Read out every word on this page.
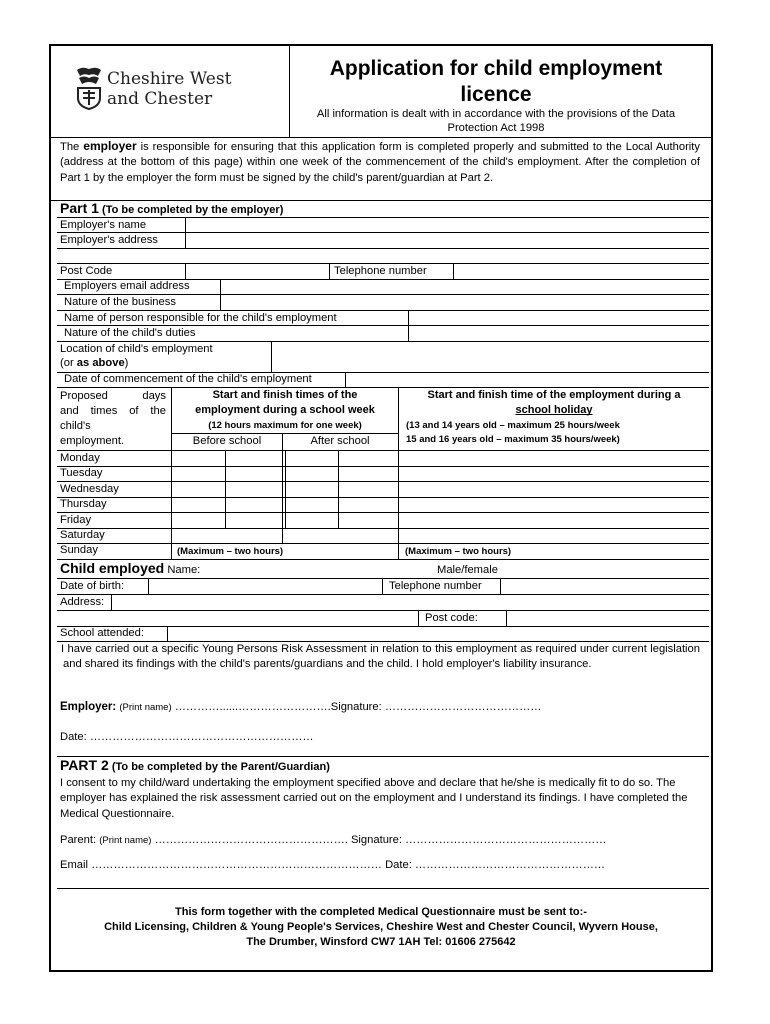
Cheshire West
and Chester
Application for child employment
licence
All information is dealt with in accordance with the provisions of the Data
Protection Act 1998
The employer is responsible for ensuring that this application form is completed properly and submitted to the Local Authority (address at the bottom of this page) within one week of the commencement of the child's employment. After the completion of Part 1 by the employer the form must be signed by the child's parent/guardian at Part 2.
Part 1 (To be completed by the employer)
Employer's name
Employer's address
Post Code	Telephone number
Employers email address
Nature of the business
Name of person responsible for the child's employment
Nature of the child's duties
Location of child's employment
(or as above)
Date of commencement of the child's employment
Proposed	days
and times of the
child's
employment.
Start and finish times of the
employment during a school week
(12 hours maximum for one week)
Before school	After school
Start and finish time of the employment during a
school holiday
(13 and 14 years old – maximum 25 hours/week
15 and 16 years old – maximum 35 hours/week)
Monday
Tuesday
Wednesday
Thursday
Friday
Saturday
Sunday	(Maximum – two hours)	(Maximum – two hours)
Child employed Name:	Male/female
Date of birth:	Telephone number
Address:
Post code:
School attended:
I have carried out a specific Young Persons Risk Assessment in relation to this employment as required under current legislation and shared its findings with the child's parents/guardians and the child. I hold employer's liability insurance.
Employer: (Print name) …………......…………………….Signature: ……………………………………
Date: ……………………………………………………
PART 2 (To be completed by the Parent/Guardian)
I consent to my child/ward undertaking the employment specified above and declare that he/she is medically fit to do so. The employer has explained the risk assessment carried out on the employment and I understand its findings. I have completed the Medical Questionnaire.
Parent: (Print name) ……………………………………………. Signature: ………………………………………………
Email …………………………………………………………………… Date: ……………………………………………
This form together with the completed Medical Questionnaire must be sent to:-
Child Licensing, Children & Young People's Services, Cheshire West and Chester Council, Wyvern House,
The Drumber, Winsford CW7 1AH Tel: 01606 275642
